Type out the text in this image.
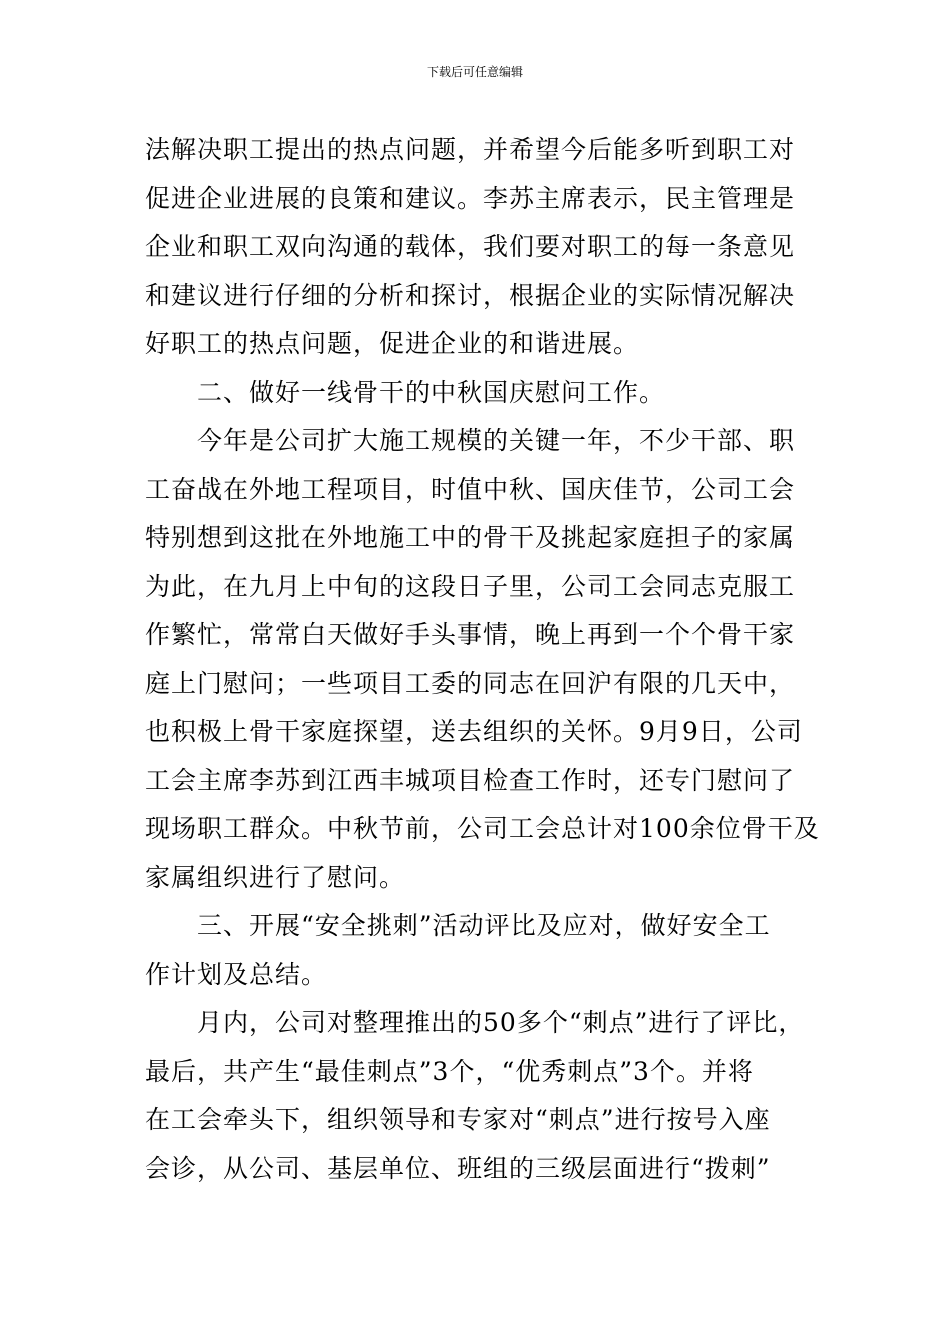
下载后可任意编辑
法解决职工提出的热点问题，并希望今后能多听到职工对
促进企业进展的良策和建议。李苏主席表示，民主管理是
企业和职工双向沟通的载体，我们要对职工的每一条意见
和建议进行仔细的分析和探讨，根据企业的实际情况解决
好职工的热点问题，促进企业的和谐进展。
二、做好一线骨干的中秋国庆慰问工作。
今年是公司扩大施工规模的关键一年，不少干部、职
工奋战在外地工程项目，时值中秋、国庆佳节，公司工会
特别想到这批在外地施工中的骨干及挑起家庭担子的家属
为此，在九月上中旬的这段日子里，公司工会同志克服工
作繁忙，常常白天做好手头事情，晚上再到一个个骨干家
庭上门慰问；一些项目工委的同志在回沪有限的几天中，
也积极上骨干家庭探望，送去组织的关怀。9月9日，公司
工会主席李苏到江西丰城项目检查工作时，还专门慰问了
现场职工群众。中秋节前，公司工会总计对100余位骨干及
家属组织进行了慰问。
三、开展“安全挑刺”活动评比及应对，做好安全工
作计划及总结。
月内，公司对整理推出的50多个“刺点”进行了评比，
最后，共产生“最佳刺点”3个，“优秀刺点”3个。并将
在工会牵头下，组织领导和专家对“刺点”进行按号入座
会诊，从公司、基层单位、班组的三级层面进行“拨刺”
